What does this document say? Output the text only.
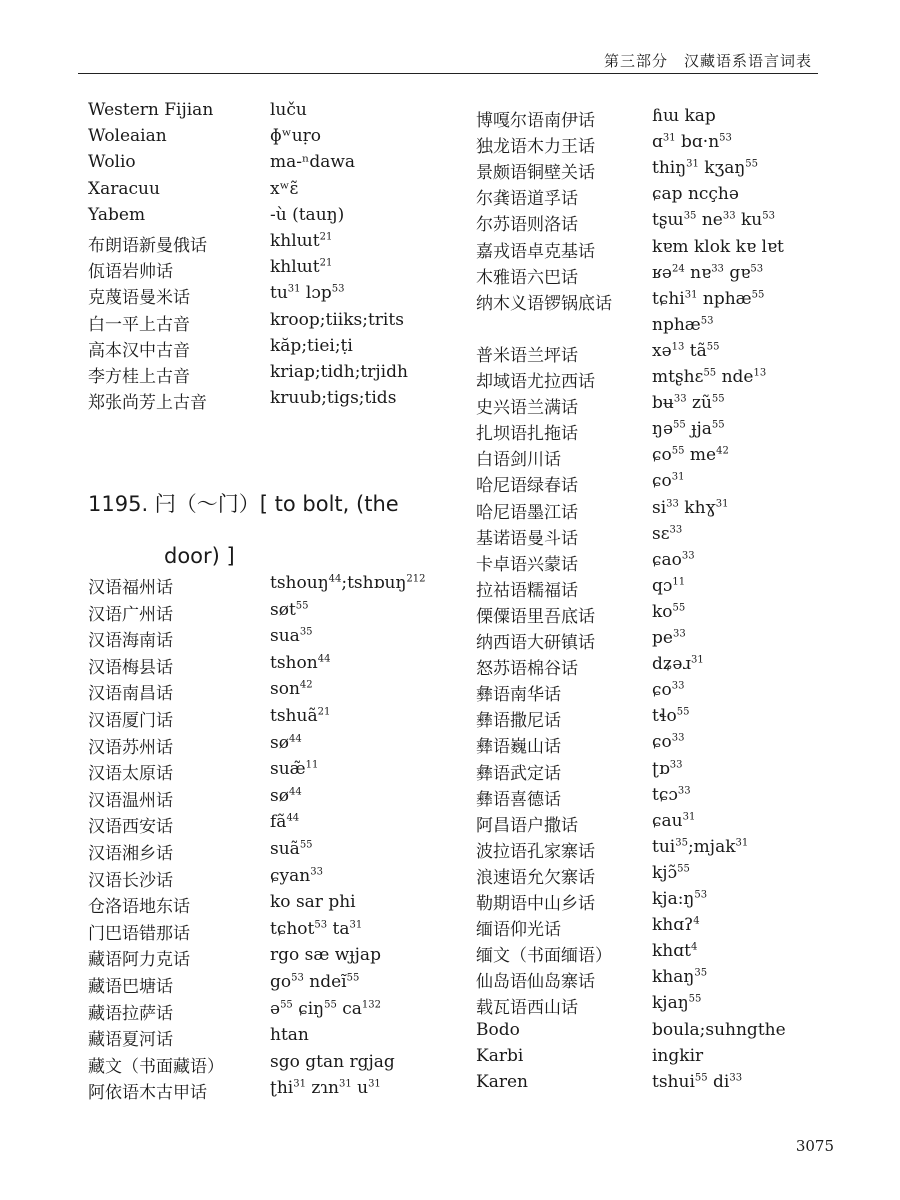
第三部分　汉藏语系语言词表
Western Fijian	luču
Woleaian	ɸʷuṛo
Wolio	ma-ⁿdawa
Xaracuu	xʷɛ̃
Yabem	-ù (tauŋ)
布朗语新曼俄话	khlɯt$^{21}$
佤语岩帅话	khlɯt$^{21}$
克蔑语曼米话	$tu^{31}$ lɔp$^{53}$
白一平上古音	kroop;tiiks;trits
高本汉中古音	kăp;tiei;ṭi
李方桂上古音	kriap;tidh;trjidh
郑张尚芳上古音	kruub;tigs;tids
1195. 闩（～门）[ to bolt, (the
door) ]
汉语福州话	tshouŋ$^{44}$;tshɒuŋ$^{212}$
汉语广州话	søt$^{55}$
汉语海南话	sua$^{35}$
汉语梅县话	tshon$^{44}$
汉语南昌话	son$^{42}$
汉语厦门话	tshuã$^{21}$
汉语苏州话	$sø^{44}$
汉语太原话	suæ̃$^{11}$
汉语温州话	$sø^{44}$
汉语西安话	$fã^{44}$
汉语湘乡话	suã$^{55}$
汉语长沙话	ɕyan$^{33}$
仓洛语地东话	ko sar phi
门巴语错那话	tɕhot$^{53}$ $ta^{31}$
藏语阿力克话	rgo sæ wɟjap
藏语巴塘话	$go^{53}$ ndeĩ$^{55}$
藏语拉萨话	ə$^{55}$ ɕiŋ$^{55}$ $ca^{132}$
藏语夏河话	htan
藏文（书面藏语）	sgo gtan rgjag
阿依语木古甲话	ʈhi$^{31}$ zɿn$^{31}$ $u^{31}$
博嘎尔语南伊话	ɦɯ kap
独龙语木力王话	ɑ$^{31}$ $bɑ\cdot n^{53}$
景颇语铜壁关话	thiŋ$^{31}$ kʒaŋ$^{55}$
尔龚语道孚话	ɕap ncçhə
尔苏语则洛话	tʂɯ$^{35}$ $ne^{33}$ $ku^{53}$
嘉戎语卓克基话	kɐm klok kɐ lɐt
木雅语六巴话	ʁə$^{24}$ nɐ$^{33}$ gɐ$^{53}$
纳木义语锣锅底话 tɕhi$^{31}$ nphæ$^{55}$
nphæ$^{53}$
普米语兰坪话	xə$^{13}$ $tã^{55}$
却域语尤拉西话	mtʂhɛ$^{55}$ nde$^{13}$
史兴语兰满话	bʉ$^{33}$ $zũ^{55}$
扎坝语扎拖话	ŋə$^{55}$ ɟja$^{55}$
白语剑川话	ɕo$^{55}$ $me^{42}$
哈尼语绿春话	ɕo$^{31}$
哈尼语墨江话	$si^{33}$ khɣ$^{31}$
基诺语曼斗话	sɛ$^{33}$
卡卓语兴蒙话	ɕao$^{33}$
拉祜语糯福话	qɔ$^{11}$
傈僳语里吾底话	$ko^{55}$
纳西语大研镇话	$pe^{33}$
怒苏语棉谷话	dʑəɹ$^{31}$
彝语南华话	ɕo$^{33}$
彝语撒尼话	tɬo$^{55}$
彝语巍山话	ɕo$^{33}$
彝语武定话	ʈɒ$^{33}$
彝语喜德话	tɕɔ$^{33}$
阿昌语户撒话	ɕau$^{31}$
波拉语孔家寨话	tui$^{35}$;mjak$^{31}$
浪速语允欠寨话	kjɔ̃$^{55}$
勒期语中山乡话	$kja:ŋ^{53}$
缅语仰光话	khɑʔ$^4$
缅文（书面缅语） khɑt$^4$
仙岛语仙岛寨话	khaŋ$^{35}$
载瓦语西山话	kjaŋ$^{55}$
Bodo	boula;suhngthe
Karbi	ingkir
Karen	tshui$^{55}$ $di^{33}$
3075
